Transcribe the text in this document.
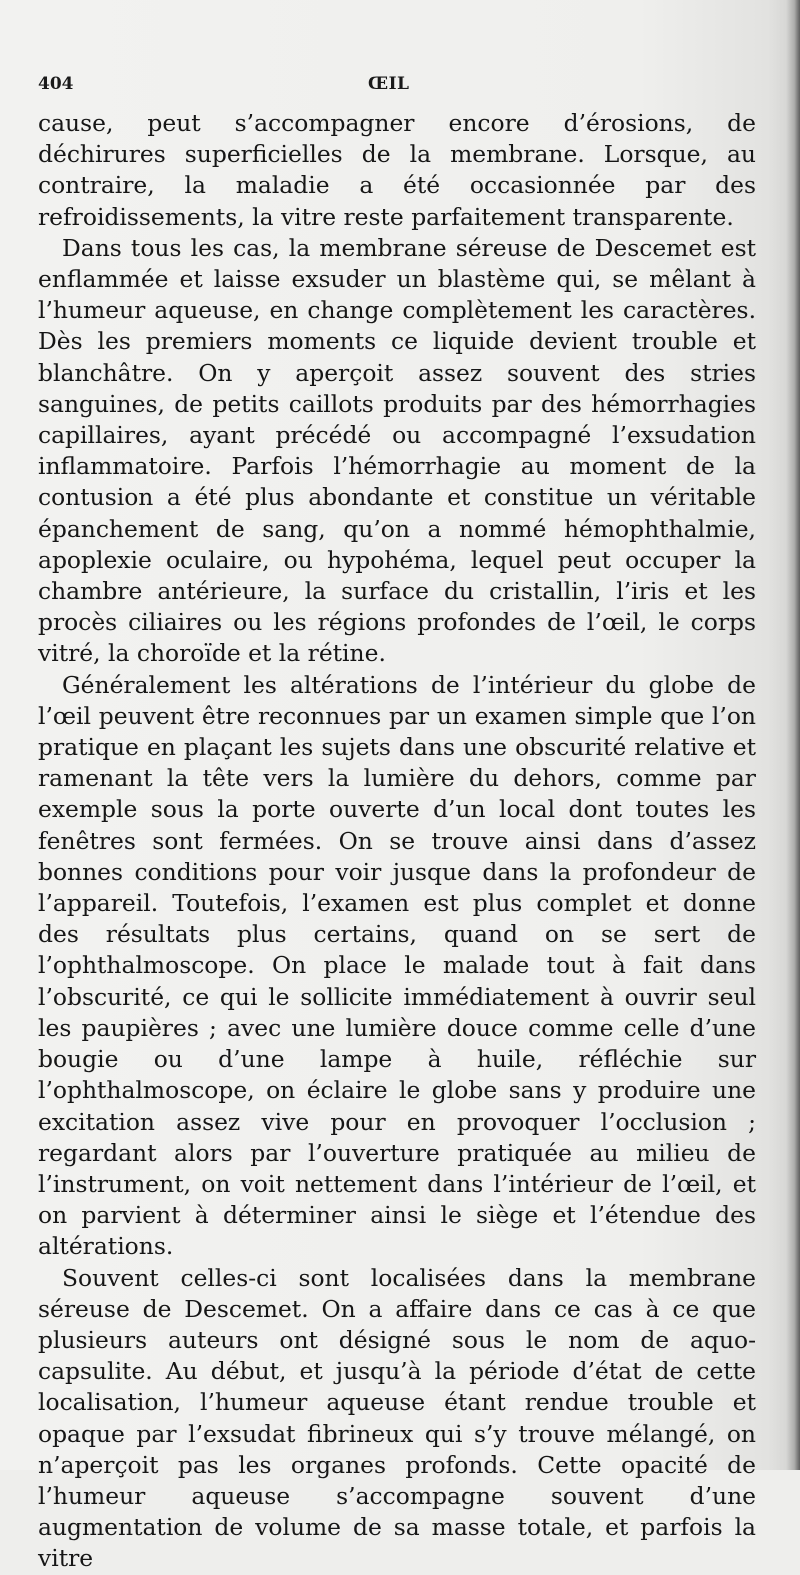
404	ŒIL

cause, peut s’accompagner encore d’érosions, de déchirures superficielles de la membrane. Lorsque, au contraire, la maladie a été occasionnée par des refroidissements, la vitre reste parfaitement transparente.

Dans tous les cas, la membrane séreuse de Descemet est enflammée et laisse exsuder un blastème qui, se mêlant à l’humeur aqueuse, en change complètement les caractères. Dès les premiers moments ce liquide devient trouble et blanchâtre. On y aperçoit assez souvent des stries sanguines, de petits caillots produits par des hémorrhagies capillaires, ayant précédé ou accompagné l’exsudation inflammatoire. Parfois l’hémorrhagie au moment de la contusion a été plus abondante et constitue un véritable épanchement de sang, qu’on a nommé hémophthalmie, apoplexie oculaire, ou hypohéma, lequel peut occuper la chambre antérieure, la surface du cristallin, l’iris et les procès ciliaires ou les régions profondes de l’œil, le corps vitré, la choroïde et la rétine.

Généralement les altérations de l’intérieur du globe de l’œil peuvent être reconnues par un examen simple que l’on pratique en plaçant les sujets dans une obscurité relative et ramenant la tête vers la lumière du dehors, comme par exemple sous la porte ouverte d’un local dont toutes les fenêtres sont fermées. On se trouve ainsi dans d’assez bonnes conditions pour voir jusque dans la profondeur de l’appareil. Toutefois, l’examen est plus complet et donne des résultats plus certains, quand on se sert de l’ophthalmoscope. On place le malade tout à fait dans l’obscurité, ce qui le sollicite immédiatement à ouvrir seul les paupières ; avec une lumière douce comme celle d’une bougie ou d’une lampe à huile, réfléchie sur l’ophthalmoscope, on éclaire le globe sans y produire une excitation assez vive pour en provoquer l’occlusion ; regardant alors par l’ouverture pratiquée au milieu de l’instrument, on voit nettement dans l’intérieur de l’œil, et on parvient à déterminer ainsi le siège et l’étendue des altérations.

Souvent celles-ci sont localisées dans la membrane séreuse de Descemet. On a affaire dans ce cas à ce que plusieurs auteurs ont désigné sous le nom de aquo-capsulite. Au début, et jusqu’à la période d’état de cette localisation, l’humeur aqueuse étant rendue trouble et opaque par l’exsudat fibrineux qui s’y trouve mélangé, on n’aperçoit pas les organes profonds. Cette opacité de l’humeur aqueuse s’accompagne souvent d’une augmentation de volume de sa masse totale, et parfois la vitre
